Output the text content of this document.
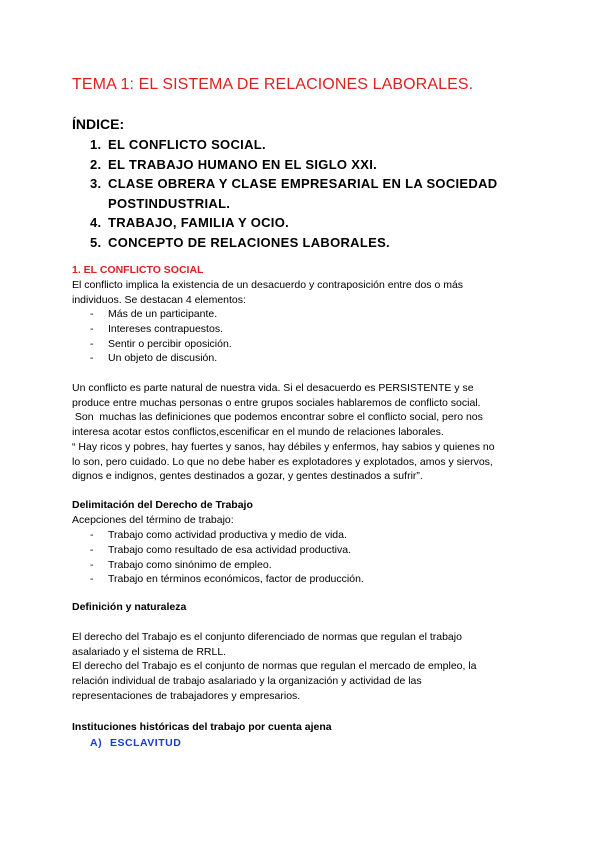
TEMA 1: EL SISTEMA DE RELACIONES LABORALES.
ÍNDICE:
1. EL CONFLICTO SOCIAL.
2. EL TRABAJO HUMANO EN EL SIGLO XXI.
3. CLASE OBRERA Y CLASE EMPRESARIAL EN LA SOCIEDAD POSTINDUSTRIAL.
4. TRABAJO, FAMILIA Y OCIO.
5. CONCEPTO DE RELACIONES LABORALES.
1. EL CONFLICTO SOCIAL
El conflicto implica la existencia de un desacuerdo y contraposición entre dos o más
individuos. Se destacan 4 elementos:
- Más de un participante.
- Intereses contrapuestos.
- Sentir o percibir oposición.
- Un objeto de discusión.
Un conflicto es parte natural de nuestra vida. Si el desacuerdo es PERSISTENTE y se
produce entre muchas personas o entre grupos sociales hablaremos de conflicto social.
Son  muchas las definiciones que podemos encontrar sobre el conflicto social, pero nos
interesa acotar estos conflictos,escenificar en el mundo de relaciones laborales.
“ Hay ricos y pobres, hay fuertes y sanos, hay débiles y enfermos, hay sabios y quienes no
lo son, pero cuidado. Lo que no debe haber es explotadores y explotados, amos y siervos,
dignos e indignos, gentes destinados a gozar, y gentes destinados a sufrir”.
Delimitación del Derecho de Trabajo
Acepciones del término de trabajo:
- Trabajo como actividad productiva y medio de vida.
- Trabajo como resultado de esa actividad productiva.
- Trabajo como sinónimo de empleo.
- Trabajo en términos económicos, factor de producción.
Definición y naturaleza
El derecho del Trabajo es el conjunto diferenciado de normas que regulan el trabajo
asalariado y el sistema de RRLL.
El derecho del Trabajo es el conjunto de normas que regulan el mercado de empleo, la
relación individual de trabajo asalariado y la organización y actividad de las
representaciones de trabajadores y empresarios.
Instituciones históricas del trabajo por cuenta ajena
A) ESCLAVITUD
